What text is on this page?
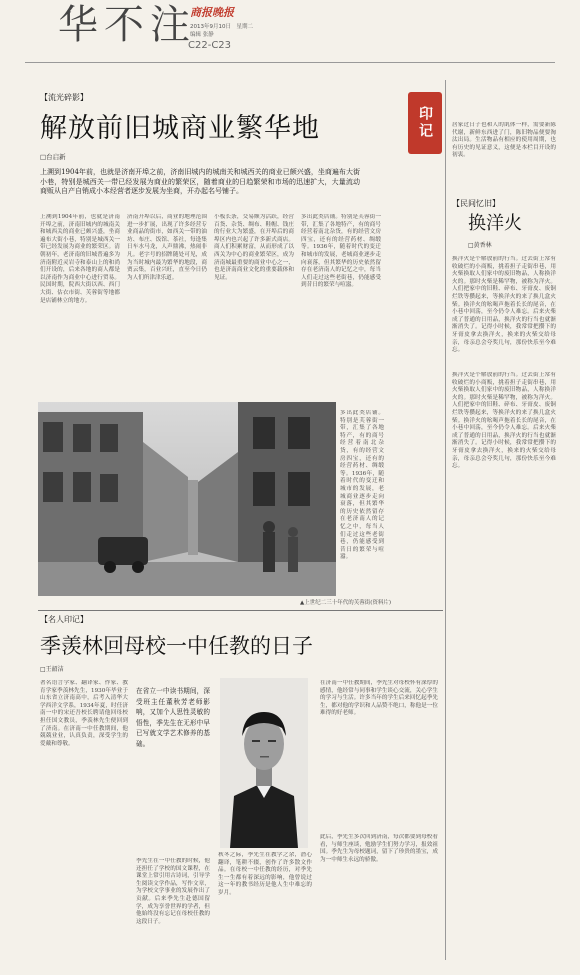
华不注
商报晚报
2013年9月10日　星期二
编辑 张静
C22-C23
【流光碎影】
印记
解放前旧城商业繁华地
□台启新
上溯到1904年前，也就是济南开埠之前，济南旧城内的城南关和城西关的商业已颇兴盛，坐商遍布大街小巷，特别是城西关一带已经发展为商业的繁荣区，随着商业的日趋繁荣和市场的迅速扩大，大量流动商贩从自产自销成小本经营者逐步发展为坐商，开办起名号铺子。
上溯到1904年前，也就是济南开埠之前，济南旧城内的城南关和城西关的商业已颇兴盛，坐商遍布大街小巷，特别是城西关一带已经发展为商业的繁荣区。清朝初年，老济南的旧城普遍多为济南附近灵岩寺和泰山上的和尚们开设的，后来各地的商人都是以济南作为商业中心进行贸易。民国时期，院西大街以西、西门大街、估衣市街、芙蓉街等地都是店铺林立的地方。
济南开埠以后，商业的地理范围进一步扩展，出现了许多经营专业商品的街市，如西关一带的油坊、布庄、饭馆、茶社，每逢集日车水马龙，人声鼎沸，热闹非凡。老字号的招牌随处可见，成为当时城内最为繁华的地段，商贾云集，百业兴旺，直至今日仍为人们所津津乐道。
小板长条，交易颇为活跃，经营百货、杂货、绸布、鞋帽、钱庄的行业大为繁盛，在开埠后的商埠区内也兴起了许多新式商店。商人们积累财富，从而形成了以西关为中心的商业繁荣区，成为济南城最重要的商业中心之一，也是济南商业文化的重要载体和见证。
多出此类店铺。特别是芙蓉街一带，汇集了各地特产，有的商号经营着南北杂货，有的经营文房四宝，还有的经营药材、绸缎等。1936年，随着时代的变迁和城市的发展，老城商业逐步走向衰落，但其繁华的历史依然留存在老济南人的记忆之中，每当人们走过这些老街巷，仍能感受到昔日的繁荣与喧嚣。
多出此类店铺。特别是芙蓉街一带，汇集了各地特产，有的商号经营着南北杂货，有的经营文房四宝，还有的经营药材、绸缎等。1936年，随着时代的变迁和城市的发展，老城商业逐步走向衰落，但其繁华的历史依然留存在老济南人的记忆之中，每当人们走过这些老街巷，仍能感受到昔日的繁荣与喧嚣。
▲上世纪二三十年代的芙蓉街(资料片)
居家过日子也和人的肌体一样，需要新陈代谢，新鲜东西进了门，陈旧物品便要淘汰出局。生活物品有相应的使用周期，也有历史的见证意义，这便是本栏目开设的初衷。
【民间忆旧】
换洋火
□黄香林
换洋火是个解放前的行当。过去街上常有收破烂的小商贩，挑着担子走街串巷，用火柴换取人们家中的废旧物品，人称换洋火的。那时火柴是稀罕物，被称为洋火。人们把家中的旧鞋、碎布、牙膏皮、废铜烂铁等攒起来，等换洋火的来了换几盒火柴。换洋火的吆喝声拖着长长的尾音，在小巷中回荡，至今仍令人难忘。后来火柴成了普通的日用品，换洋火的行当也就渐渐消失了。记得小时候，我常常把攒下的牙膏皮拿去换洋火，换来的火柴交给母亲，母亲总会夸奖几句，那份快乐至今难忘。
换洋火是个解放前的行当。过去街上常有收破烂的小商贩，挑着担子走街串巷，用火柴换取人们家中的废旧物品，人称换洋火的。那时火柴是稀罕物，被称为洋火。人们把家中的旧鞋、碎布、牙膏皮、废铜烂铁等攒起来，等换洋火的来了换几盒火柴。换洋火的吆喝声拖着长长的尾音，在小巷中回荡，至今仍令人难忘。后来火柴成了普通的日用品，换洋火的行当也就渐渐消失了。记得小时候，我常常把攒下的牙膏皮拿去换洋火，换来的火柴交给母亲，母亲总会夸奖几句，那份快乐至今难忘。
【名人印记】
季羡林回母校一中任教的日子
□王韶洁
著名语言学家、翻译家、作家、教育学家季羡林先生，1930年毕业于山东省立济南高中，后考入清华大学西洋文学系，1934年夏，时任济南一中的宋还吾校长聘请他回母校担任国文教员，季羡林先生便回到了济南。在济南一中任教期间，他兢兢业业，认真负责，深受学生的爱戴和尊敬。
在省立一中读书期间，深受班主任董秋芳老师影响，又加个人思性灵敏的悟性，季先生在无形中早已写就文学艺术修养的基础。
季先生在一中任教的时候，他还担任了学校的国文课程，在课堂上常引用古诗词，引导学生阅读文学作品，写作文章，为学校文学事业的发展作出了贡献。后来季先生赴德国留学，成为享誉世界的学者，但他始终没有忘记在母校任教的这段日子。
秋冬之际，季先生在教学之余，潜心翻译，笔耕不辍，创作了许多散文作品。在母校一中任教的经历，对季先生一生都有着深远的影响，他曾说过这一年的教书经历是他人生中难忘的岁月。
在济南一中任教期间，季先生对母校怀有深厚的感情，他经常与同事和学生谈心交流，关心学生的学习与生活。许多当年的学生后来回忆起季先生，都对他的学识和人品赞不绝口，称他是一位难得的好老师。
此后，季先生多次回到济南，每次都要到母校看看，与师生座谈，勉励学生们努力学习，报效祖国。季先生为母校题词，留下了珍贵的墨宝，成为一中师生永远的骄傲。
